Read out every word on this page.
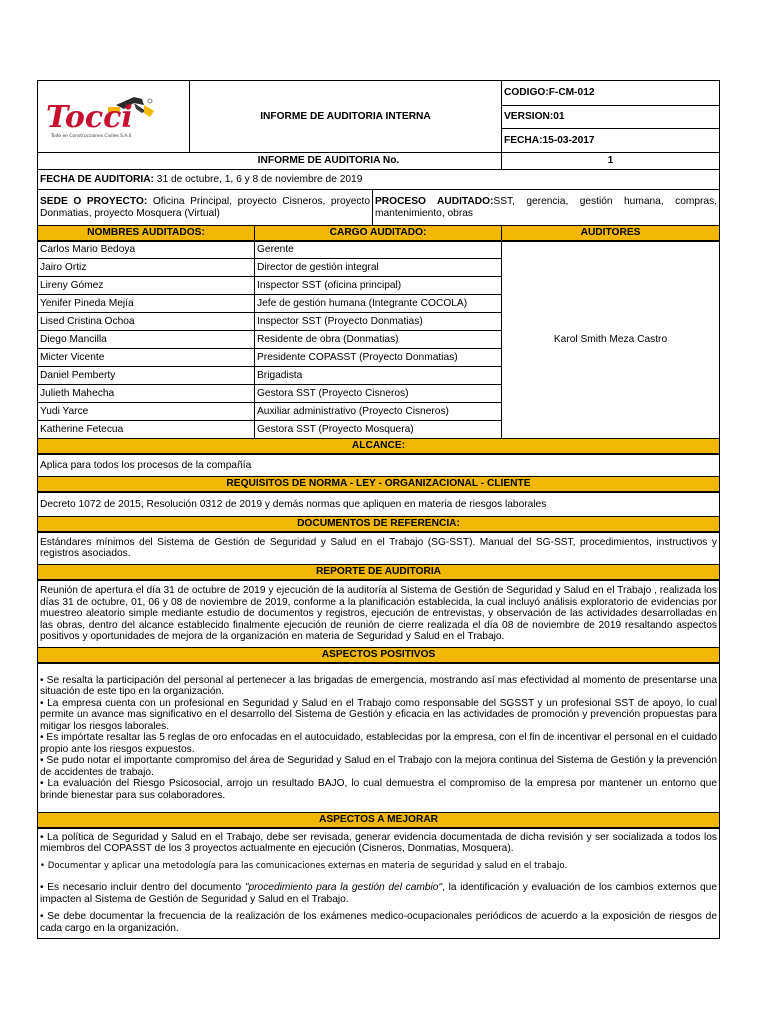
Tocci
Todo en Construcciones Civiles S.A.S	INFORME DE AUDITORIA INTERNA			CODIGO:F-CM-012
				VERSION:01
				FECHA:15-03-2017
INFORME DE AUDITORIA No.				1
FECHA DE AUDITORIA: 31 de octubre, 1, 6 y 8 de noviembre de 2019				
SEDE O PROYECTO: Oficina Principal, proyecto Cisneros, proyecto Donmatias, proyecto Mosquera (Virtual)			PROCESO AUDITADO:SST, gerencia, gestión humana, compras, mantenimiento, obras	
NOMBRES AUDITADOS:		CARGO AUDITADO:		AUDITORES
Carlos Mario Bedoya		Gerente		Karol Smith Meza Castro
Jairo Ortiz		Director de gestión integral		
Lireny Gómez		Inspector SST (oficina principal)		
Yenifer Pineda Mejía		Jefe de gestión humana (Integrante COCOLA)		
Lised Cristina Ochoa		Inspector SST (Proyecto Donmatias)		
Diego Mancilla		Residente de obra (Donmatias)		
Micter Vicente		Presidente COPASST (Proyecto Donmatias)		
Daniel Pemberty		Brigadista		
Julieth Mahecha		Gestora SST (Proyecto Cisneros)		
Yudi Yarce		Auxiliar administrativo (Proyecto Cisneros)		
Katherine Fetecua		Gestora SST (Proyecto Mosquera)		
ALCANCE:				
Aplica para todos los procesos de la compañía				
REQUISITOS DE NORMA - LEY - ORGANIZACIONAL - CLIENTE				
Decreto 1072 de 2015, Resolución 0312 de 2019 y demás normas que apliquen en materia de riesgos laborales				
DOCUMENTOS DE REFERENCIA:				
Estándares mínimos del Sistema de Gestión de Seguridad y Salud en el Trabajo (SG-SST). Manual del SG-SST, procedimientos, instructivos y registros asociados.				
REPORTE DE AUDITORIA				
Reunión de apertura el día 31 de octubre de 2019 y ejecución de la auditoría al Sistema de Gestión de Seguridad y Salud en el Trabajo , realizada los días 31 de octubre, 01, 06 y 08 de noviembre de 2019, conforme a la planificación establecida, la cual incluyó análisis exploratorio de evidencias por muestreo aleatorio simple mediante estudio de documentos y registros, ejecución de entrevistas, y observación de las actividades desarrolladas en las obras, dentro del alcance establecido finalmente ejecución de reunión de cierre realizada el día 08 de noviembre de 2019 resaltando aspectos positivos y oportunidades de mejora de la organización en materia de Seguridad y Salud en el Trabajo.				
ASPECTOS POSITIVOS				

• Se resalta la participación del personal al pertenecer a las brigadas de emergencia, mostrando así mas efectividad al momento de presentarse una situación de este tipo en la organización.
• La empresa cuenta con un profesional en Seguridad y Salud en el Trabajo como responsable del SGSST y un profesional SST de apoyo, lo cual permite un avance mas significativo en el desarrollo del Sistema de Gestión y eficacia en las actividades de promoción y prevención propuestas para mitigar los riesgos laborales.
• Es impórtate resaltar las 5 reglas de oro enfocadas en el autocuidado, establecidas por la empresa, con el fin de incentivar el personal en el cuidado propio ante los riesgos expuestos.
• Se pudo notar el importante compromiso del área de Seguridad y Salud en el Trabajo con la mejora continua del Sistema de Gestión y la prevención de accidentes de trabajo.
• La evaluación del Riesgo Psicosocial, arrojo un resultado BAJO, lo cual demuestra el compromiso de la empresa por mantener un entorno que brinde bienestar para sus colaboradores.				

ASPECTOS A MEJORAR				

• La política de Seguridad y Salud en el Trabajo, debe ser revisada, generar evidencia documentada de dicha revisión y ser socializada a todos los miembros del COPASST de los 3 proyectos actualmente en ejecución (Cisneros, Donmatias, Mosquera).
• Documentar y aplicar una metodología para las comunicaciones externas en materia de seguridad y salud en el trabajo.
• Es necesario incluir dentro del documento "procedimiento para la gestión del cambio", la identificación y evaluación de los cambios externos que impacten al Sistema de Gestión de Seguridad y Salud en el Trabajo.
• Se debe documentar la frecuencia de la realización de los exámenes medico-ocupacionales periódicos de acuerdo a la exposición de riesgos de cada cargo en la organización.				
